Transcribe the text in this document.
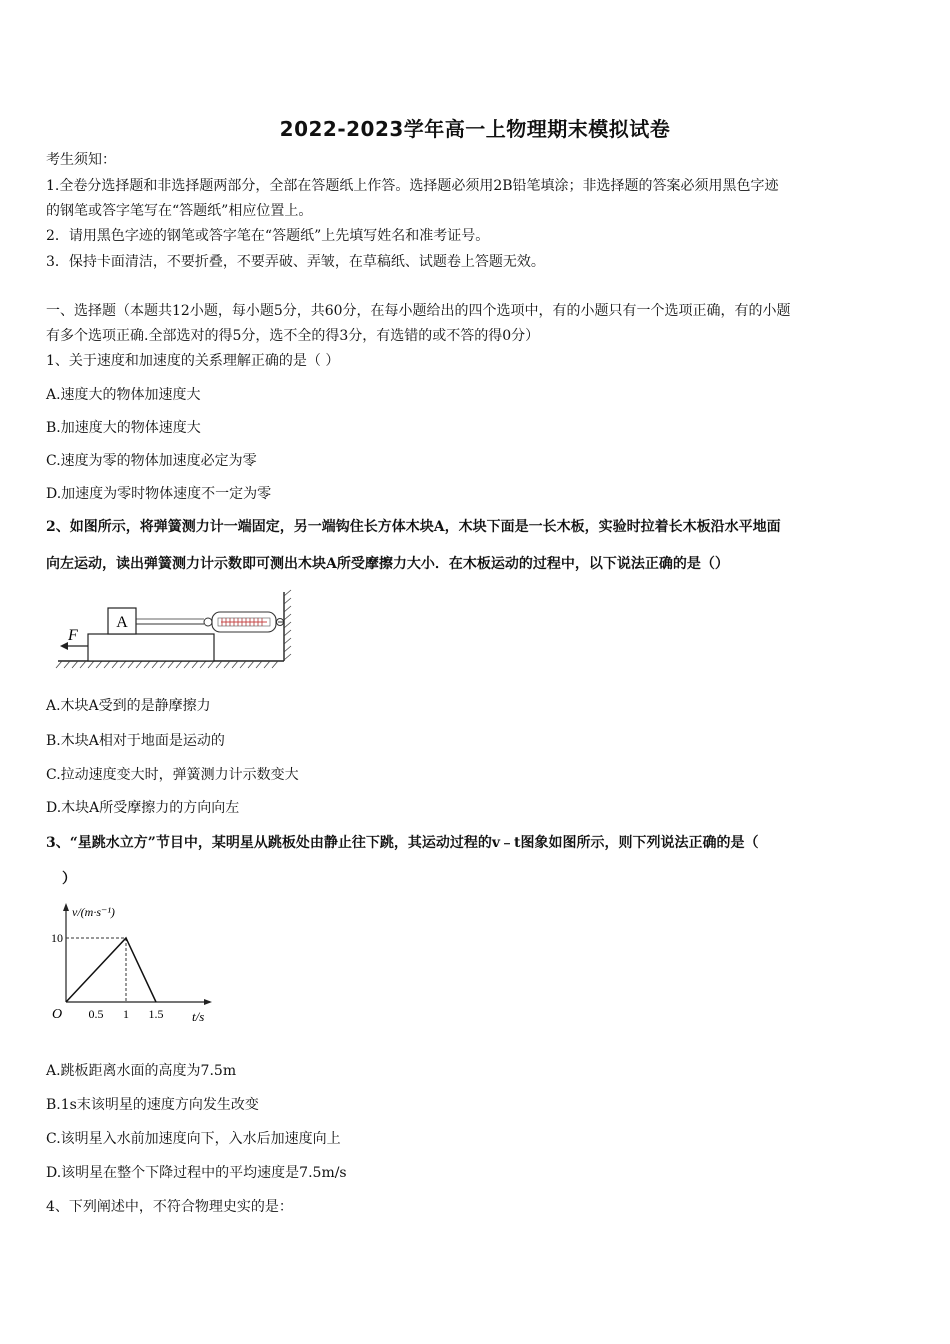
2022-2023学年高一上物理期末模拟试卷
考生须知：
1.全卷分选择题和非选择题两部分，全部在答题纸上作答。选择题必须用2B铅笔填涂；非选择题的答案必须用黑色字迹
的钢笔或答字笔写在“答题纸”相应位置上。
2．请用黑色字迹的钢笔或答字笔在“答题纸”上先填写姓名和准考证号。
3．保持卡面清洁，不要折叠，不要弄破、弄皱，在草稿纸、试题卷上答题无效。
一、选择题（本题共12小题，每小题5分，共60分，在每小题给出的四个选项中，有的小题只有一个选项正确，有的小题
有多个选项正确.全部选对的得5分，选不全的得3分，有选错的或不答的得0分）
1、关于速度和加速度的关系理解正确的是（ ）
A.速度大的物体加速度大
B.加速度大的物体速度大
C.速度为零的物体加速度必定为零
D.加速度为零时物体速度不一定为零
2、如图所示，将弹簧测力计一端固定，另一端钩住长方体木块A，木块下面是一长木板，实验时拉着长木板沿水平地面
向左运动，读出弹簧测力计示数即可测出木块A所受摩擦力大小．在木板运动的过程中，以下说法正确的是（）
A
F
A.木块A受到的是静摩擦力
B.木块A相对于地面是运动的
C.拉动速度变大时，弹簧测力计示数变大
D.木块A所受摩擦力的方向向左
3、“星跳水立方”节目中，某明星从跳板处由静止往下跳，其运动过程的v﹣t图象如图所示，则下列说法正确的是（
）
v/(m·s⁻¹)
t/s
O 0.5 1 1.5
10
A.跳板距离水面的高度为7.5m
B.1s末该明星的速度方向发生改变
C.该明星入水前加速度向下，入水后加速度向上
D.该明星在整个下降过程中的平均速度是7.5m/s
4、下列阐述中，不符合物理史实的是：
